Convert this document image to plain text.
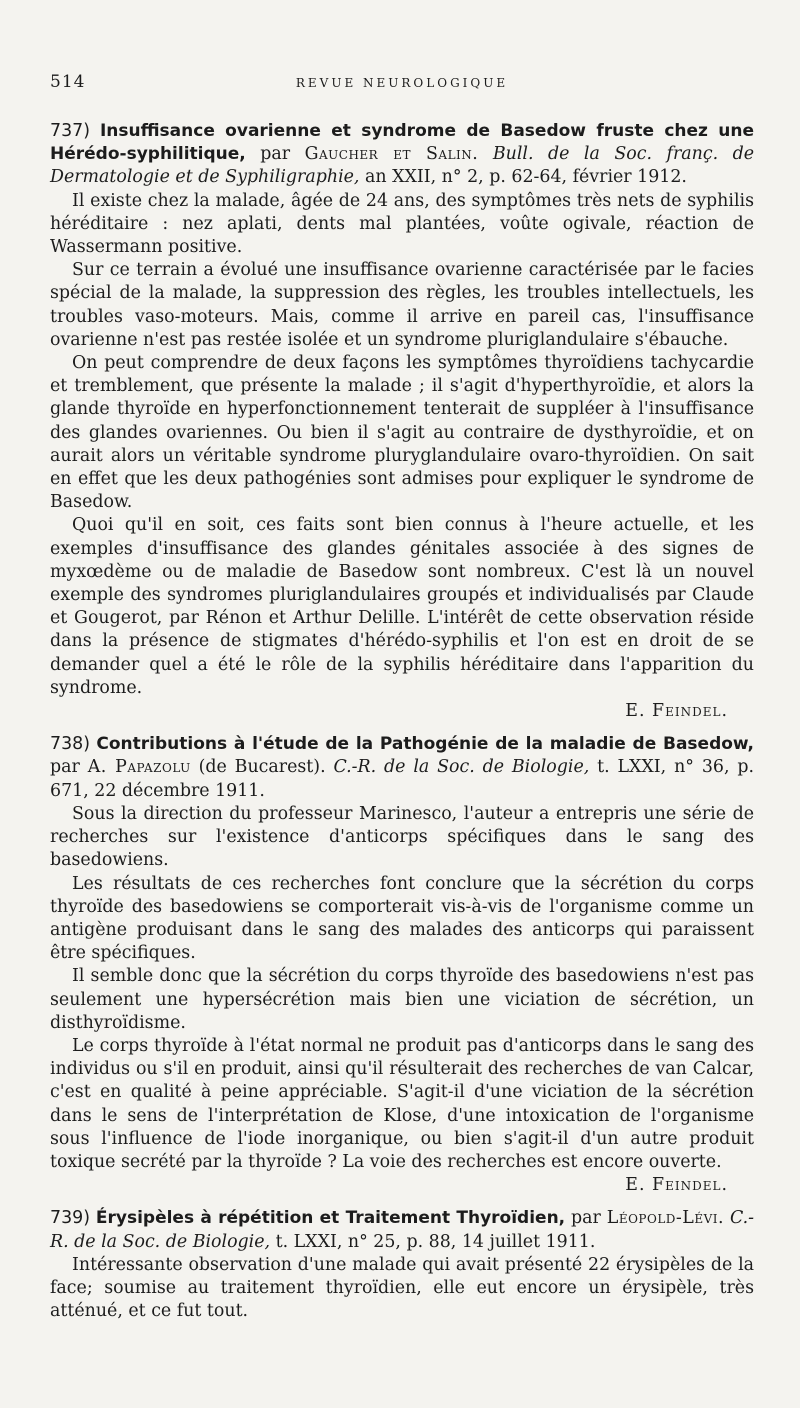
514	REVUE NEUROLOGIQUE

737) Insuffisance ovarienne et syndrome de Basedow fruste chez une Hérédo-syphilitique, par Gaucher et Salin. Bull. de la Soc. franç. de Dermatologie et de Syphiligraphie, an XXII, n° 2, p. 62-64, février 1912.

Il existe chez la malade, âgée de 24 ans, des symptômes très nets de syphilis héréditaire : nez aplati, dents mal plantées, voûte ogivale, réaction de Wassermann positive.

Sur ce terrain a évolué une insuffisance ovarienne caractérisée par le facies spécial de la malade, la suppression des règles, les troubles intellectuels, les troubles vaso-moteurs. Mais, comme il arrive en pareil cas, l'insuffisance ovarienne n'est pas restée isolée et un syndrome pluriglandulaire s'ébauche.

On peut comprendre de deux façons les symptômes thyroïdiens tachycardie et tremblement, que présente la malade ; il s'agit d'hyperthyroïdie, et alors la glande thyroïde en hyperfonctionnement tenterait de suppléer à l'insuffisance des glandes ovariennes. Ou bien il s'agit au contraire de dysthyroïdie, et on aurait alors un véritable syndrome pluryglandulaire ovaro-thyroïdien. On sait en effet que les deux pathogénies sont admises pour expliquer le syndrome de Basedow.

Quoi qu'il en soit, ces faits sont bien connus à l'heure actuelle, et les exemples d'insuffisance des glandes génitales associée à des signes de myxœdème ou de maladie de Basedow sont nombreux. C'est là un nouvel exemple des syndromes pluriglandulaires groupés et individualisés par Claude et Gougerot, par Rénon et Arthur Delille. L'intérêt de cette observation réside dans la présence de stigmates d'hérédo-syphilis et l'on est en droit de se demander quel a été le rôle de la syphilis héréditaire dans l'apparition du syndrome.

E. Feindel.

738) Contributions à l'étude de la Pathogénie de la maladie de Basedow, par A. Papazolu (de Bucarest). C.-R. de la Soc. de Biologie, t. LXXI, n° 36, p. 671, 22 décembre 1911.

Sous la direction du professeur Marinesco, l'auteur a entrepris une série de recherches sur l'existence d'anticorps spécifiques dans le sang des basedowiens.

Les résultats de ces recherches font conclure que la sécrétion du corps thyroïde des basedowiens se comporterait vis-à-vis de l'organisme comme un antigène produisant dans le sang des malades des anticorps qui paraissent être spécifiques.

Il semble donc que la sécrétion du corps thyroïde des basedowiens n'est pas seulement une hypersécrétion mais bien une viciation de sécrétion, un disthyroïdisme.

Le corps thyroïde à l'état normal ne produit pas d'anticorps dans le sang des individus ou s'il en produit, ainsi qu'il résulterait des recherches de van Calcar, c'est en qualité à peine appréciable. S'agit-il d'une viciation de la sécrétion dans le sens de l'interprétation de Klose, d'une intoxication de l'organisme sous l'influence de l'iode inorganique, ou bien s'agit-il d'un autre produit toxique secrété par la thyroïde ? La voie des recherches est encore ouverte.

E. Feindel.

739) Érysipèles à répétition et Traitement Thyroïdien, par Léopold-Lévi. C.-R. de la Soc. de Biologie, t. LXXI, n° 25, p. 88, 14 juillet 1911.

Intéressante observation d'une malade qui avait présenté 22 érysipèles de la face; soumise au traitement thyroïdien, elle eut encore un érysipèle, très atténué, et ce fut tout.
